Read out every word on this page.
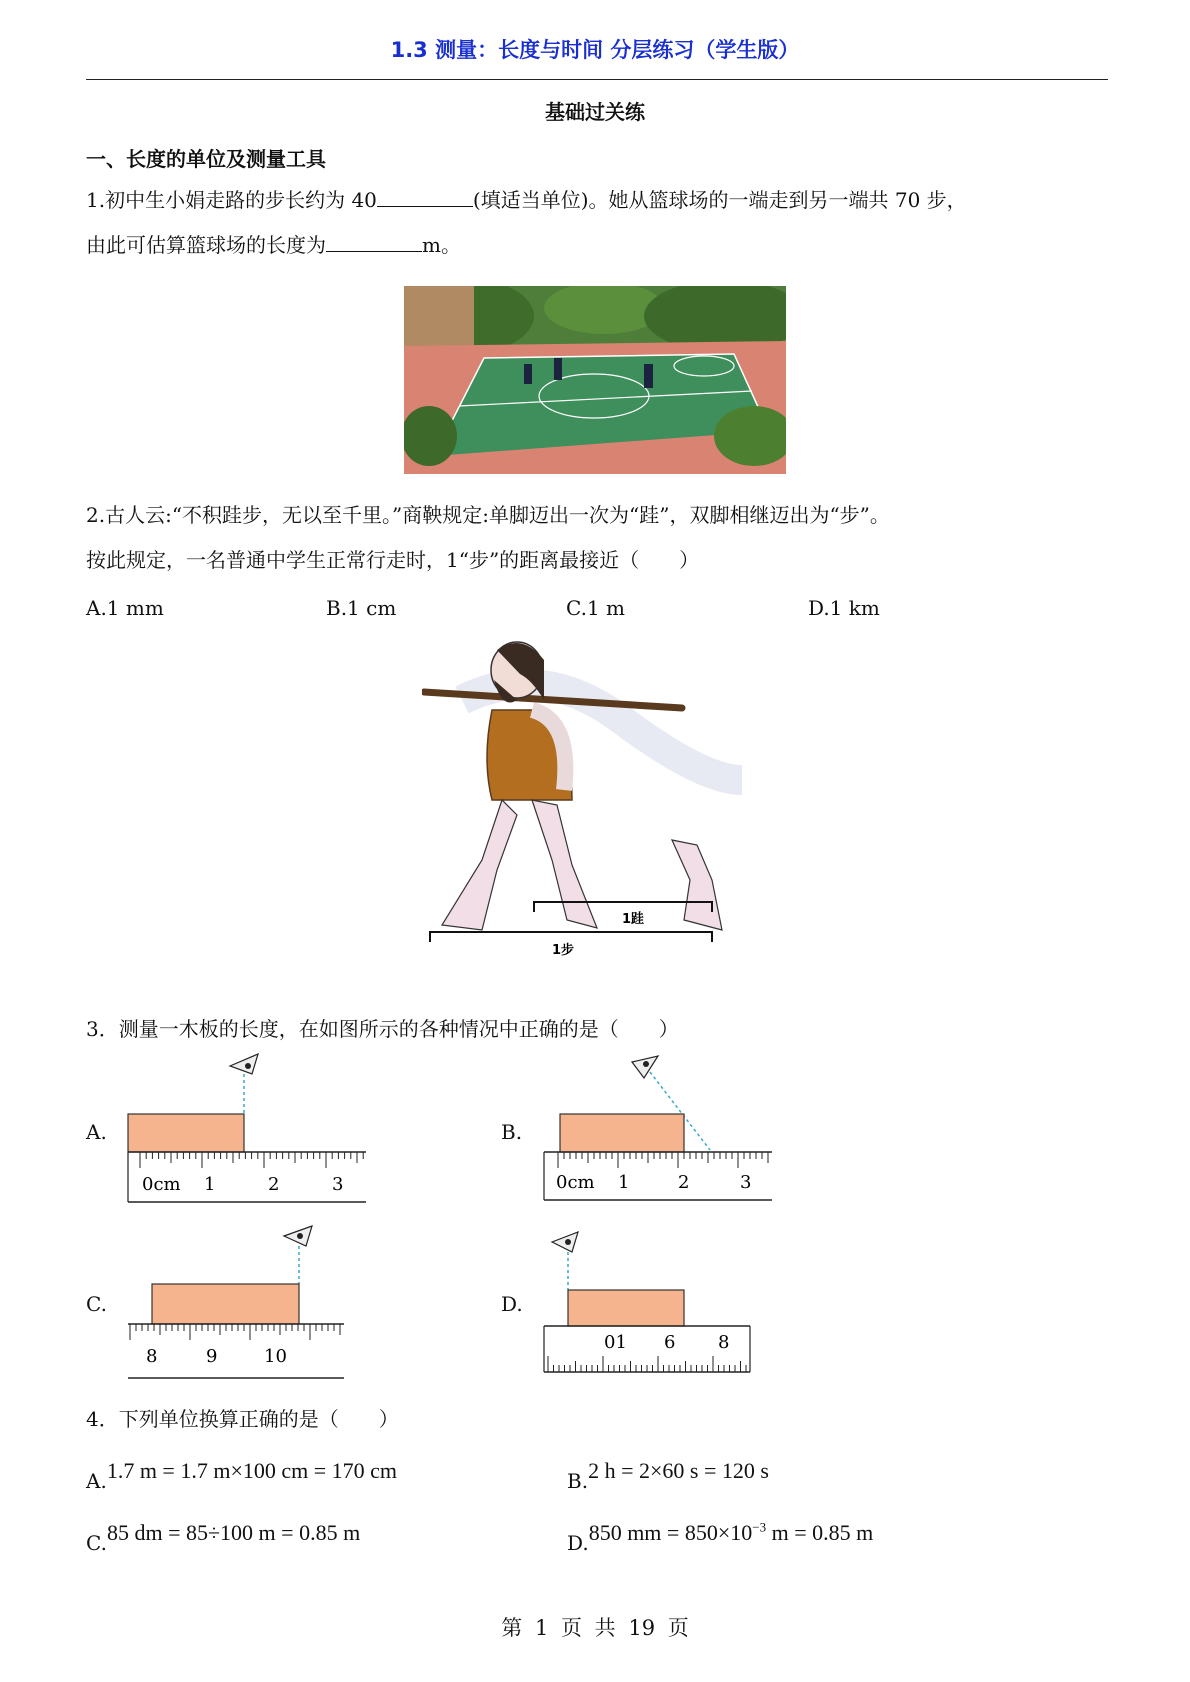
1.3 测量：长度与时间 分层练习（学生版）
基础过关练
一、长度的单位及测量工具
1.初中生小娟走路的步长约为 40	(填适当单位)。她从篮球场的一端走到另一端共 70 步，
由此可估算篮球场的长度为	m。
2.古人云:“不积跬步，无以至千里。”商鞅规定:单脚迈出一次为“跬”，双脚相继迈出为“步”。
按此规定，一名普通中学生正常行走时，1“步”的距离最接近（　　）
A.1 mm	B.1 cm	C.1 m	D.1 km
1跬
1步
3．测量一木板的长度，在如图所示的各种情况中正确的是（　　）
A.
0cm 1	2	3
B.
0cm 1	2	3
C.
8	9	10
D.
01 6 8
4．下列单位换算正确的是（　　）
A.1.7 m = 1.7 m×100 cm = 170 cm	B.2 h = 2×60 s = 120 s
C.85 dm = 85÷100 m = 0.85 m	D.850 mm = $850\times 10^{-3}$ m = 0.85 m
第 1 页 共 19 页
